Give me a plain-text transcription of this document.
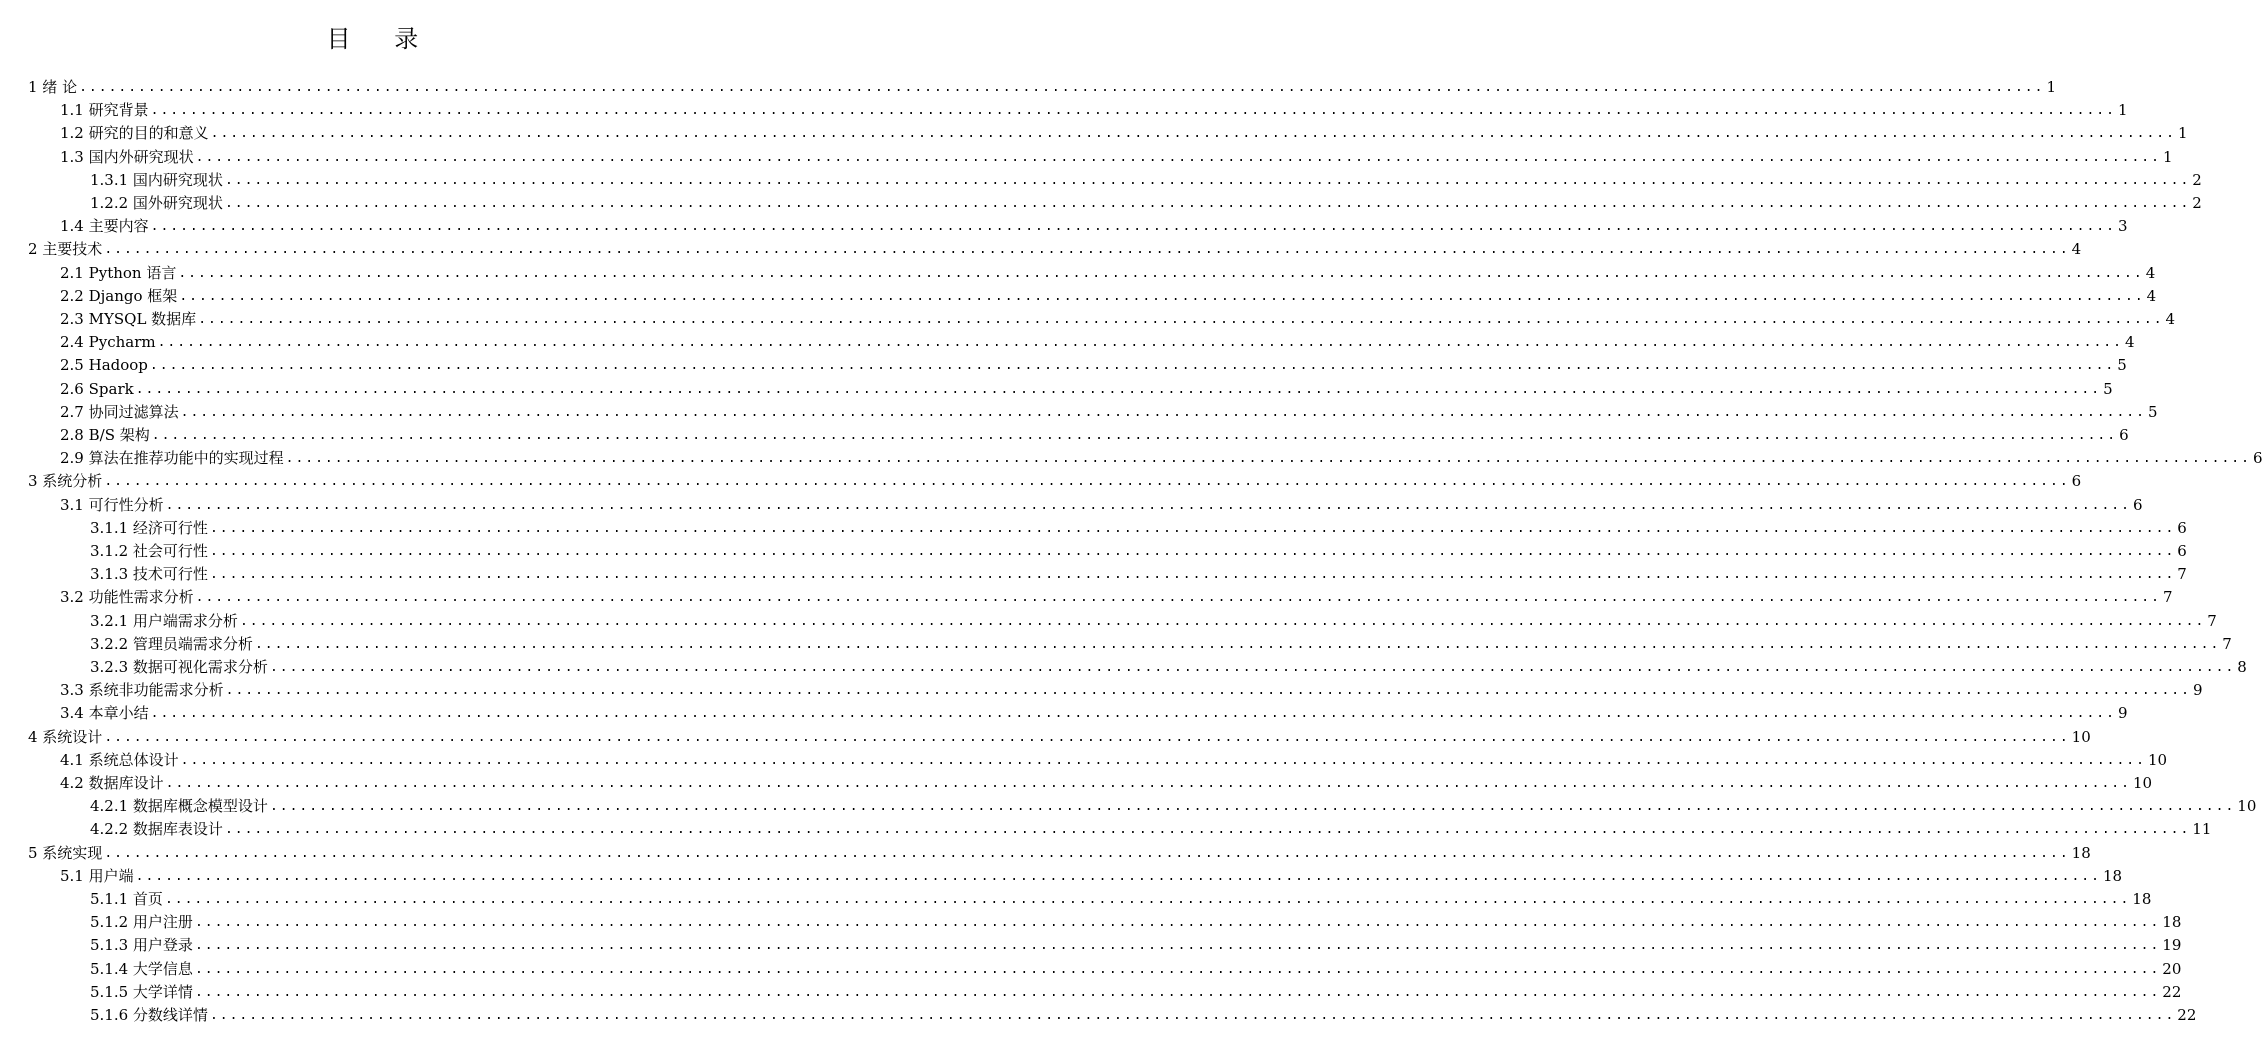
目 录
1 绪 论 ........................................................................................................................................................................................................ 1
1.1 研究背景 ........................................................................................................................................................................................................ 1
1.2 研究的目的和意义 ........................................................................................................................................................................................................ 1
1.3 国内外研究现状 ........................................................................................................................................................................................................ 1
1.3.1 国内研究现状 ........................................................................................................................................................................................................ 2
1.2.2 国外研究现状 ........................................................................................................................................................................................................ 2
1.4 主要内容 ........................................................................................................................................................................................................ 3
2 主要技术 ........................................................................................................................................................................................................ 4
2.1 Python 语言 ........................................................................................................................................................................................................ 4
2.2 Django 框架 ........................................................................................................................................................................................................ 4
2.3 MYSQL 数据库 ........................................................................................................................................................................................................ 4
2.4 Pycharm ........................................................................................................................................................................................................ 4
2.5 Hadoop ........................................................................................................................................................................................................ 5
2.6 Spark ........................................................................................................................................................................................................ 5
2.7 协同过滤算法 ........................................................................................................................................................................................................ 5
2.8 B/S 架构 ........................................................................................................................................................................................................ 6
2.9 算法在推荐功能中的实现过程 ........................................................................................................................................................................................................ 6
3 系统分析 ........................................................................................................................................................................................................ 6
3.1 可行性分析 ........................................................................................................................................................................................................ 6
3.1.1 经济可行性 ........................................................................................................................................................................................................ 6
3.1.2 社会可行性 ........................................................................................................................................................................................................ 6
3.1.3 技术可行性 ........................................................................................................................................................................................................ 7
3.2 功能性需求分析 ........................................................................................................................................................................................................ 7
3.2.1 用户端需求分析 ........................................................................................................................................................................................................ 7
3.2.2 管理员端需求分析 ........................................................................................................................................................................................................ 7
3.2.3 数据可视化需求分析 ........................................................................................................................................................................................................ 8
3.3 系统非功能需求分析 ........................................................................................................................................................................................................ 9
3.4 本章小结 ........................................................................................................................................................................................................ 9
4 系统设计 ........................................................................................................................................................................................................ 10
4.1 系统总体设计 ........................................................................................................................................................................................................ 10
4.2 数据库设计 ........................................................................................................................................................................................................ 10
4.2.1 数据库概念模型设计 ........................................................................................................................................................................................................ 10
4.2.2 数据库表设计 ........................................................................................................................................................................................................ 11
5 系统实现 ........................................................................................................................................................................................................ 18
5.1 用户端 ........................................................................................................................................................................................................ 18
5.1.1 首页 ........................................................................................................................................................................................................ 18
5.1.2 用户注册 ........................................................................................................................................................................................................ 18
5.1.3 用户登录 ........................................................................................................................................................................................................ 19
5.1.4 大学信息 ........................................................................................................................................................................................................ 20
5.1.5 大学详情 ........................................................................................................................................................................................................ 22
5.1.6 分数线详情 ........................................................................................................................................................................................................ 22
